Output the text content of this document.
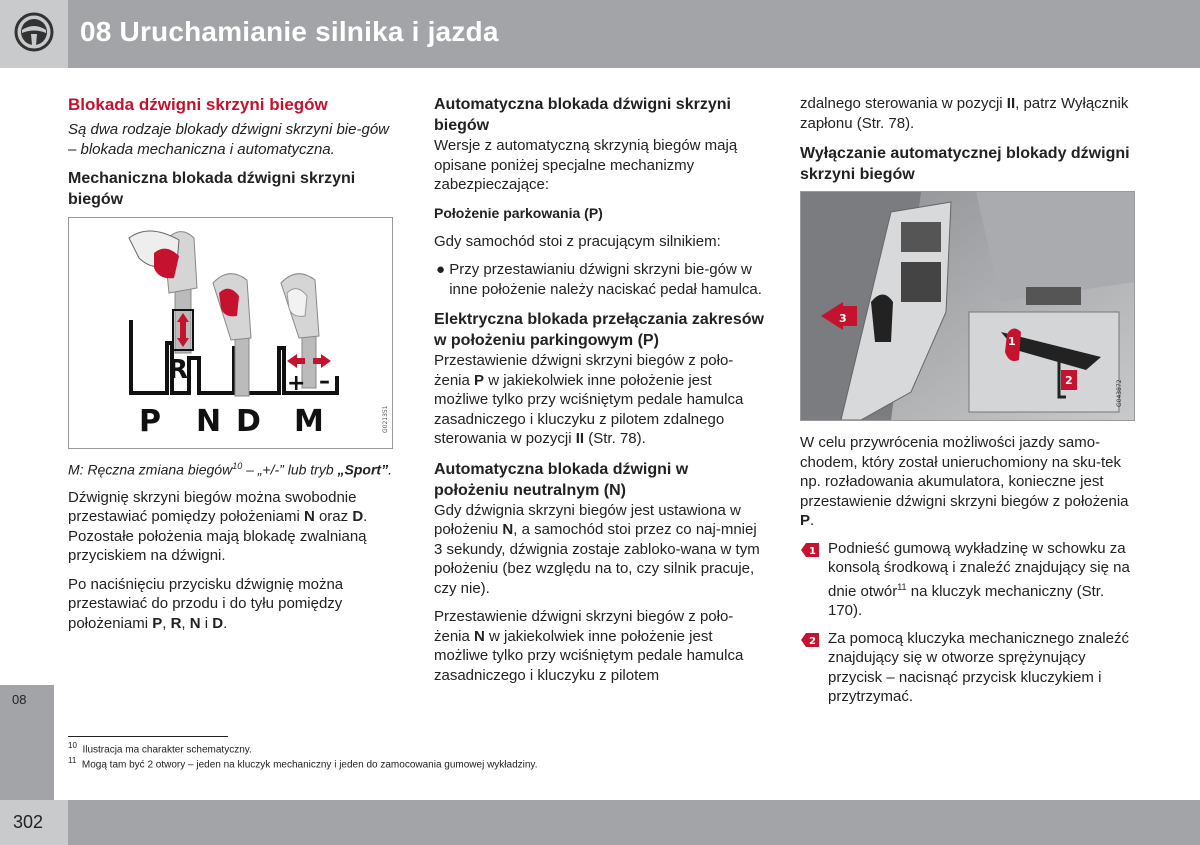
08 Uruchamianie silnika i jazda
08
302
Blokada dźwigni skrzyni biegów
Są dwa rodzaje blokady dźwigni skrzyni bie-gów – blokada mechaniczna i automatyczna.
Mechaniczna blokada dźwigni skrzyni biegów
R	+ –
P N D M	G021351
M: Ręczna zmiana biegów$^{10}$ – „+/-” lub tryb „Sport”.

Dźwignię skrzyni biegów można swobodnie przestawiać pomiędzy położeniami N oraz D. Pozostałe położenia mają blokadę zwalnianą przyciskiem na dźwigni.

Po naciśnięciu przycisku dźwignię można przestawiać do przodu i do tyłu pomiędzy położeniami P, R, N i D.

Automatyczna blokada dźwigni skrzyni biegów

Wersje z automatyczną skrzynią biegów mają opisane poniżej specjalne mechanizmy zabezpieczające:

Położenie parkowania (P)

Gdy samochód stoi z pracującym silnikiem:

● Przy przestawianiu dźwigni skrzyni bie-gów w inne położenie należy naciskać pedał hamulca.
Elektryczna blokada przełączania zakresów w położeniu parkingowym (P)

Przestawienie dźwigni skrzyni biegów z poło-żenia P w jakiekolwiek inne położenie jest możliwe tylko przy wciśniętym pedale hamulca zasadniczego i kluczyku z pilotem zdalnego sterowania w pozycji II (Str. 78).

Automatyczna blokada dźwigni w położeniu neutralnym (N)

Gdy dźwignia skrzyni biegów jest ustawiona w położeniu N, a samochód stoi przez co naj-mniej 3 sekundy, dźwignia zostaje zabloko-wana w tym położeniu (bez względu na to, czy silnik pracuje, czy nie).

Przestawienie dźwigni skrzyni biegów z poło-żenia N w jakiekolwiek inne położenie jest możliwe tylko przy wciśniętym pedale hamulca zasadniczego i kluczyku z pilotem

zdalnego sterowania w pozycji II, patrz Wyłącznik zapłonu (Str. 78).

Wyłączanie automatycznej blokady dźwigni skrzyni biegów
3
1
2	G043872

W celu przywrócenia możliwości jazdy samo-chodem, który został unieruchomiony na sku-tek np. rozładowania akumulatora, konieczne jest przestawienie dźwigni skrzyni biegów z położenia P.

1 Podnieść gumową wykładzinę w schowku za konsolą środkową i znaleźć znajdujący się na dnie otwór$^{11}$ na kluczyk mechaniczny (Str. 170).
2 Za pomocą kluczyka mechanicznego znaleźć znajdujący się w otworze sprężynujący przycisk – nacisnąć przycisk kluczykiem i przytrzymać.
$^{10}$ Ilustracja ma charakter schematyczny.
$^{11}$ Mogą tam być 2 otwory – jeden na kluczyk mechaniczny i jeden do zamocowania gumowej wykładziny.
